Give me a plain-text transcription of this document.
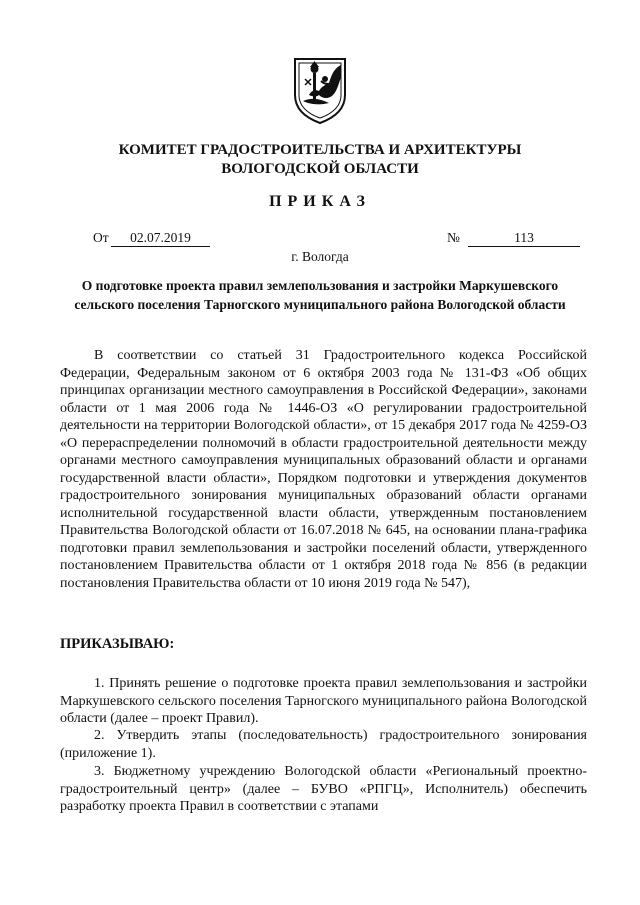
КОМИТЕТ ГРАДОСТРОИТЕЛЬСТВА И АРХИТЕКТУРЫ
ВОЛОГОДСКОЙ ОБЛАСТИ
ПРИКАЗ
От	02.07.2019	№	113
г. Вологда
О подготовке проекта правил землепользования и застройки Маркушевского сельского поселения Тарногского муниципального района Вологодской области

В соответствии со статьей 31 Градостроительного кодекса Российской Федерации, Федеральным законом от 6 октября 2003 года № 131-ФЗ «Об общих принципах организации местного самоуправления в Российской Федерации», законами области от 1 мая 2006 года № 1446-ОЗ «О регулировании градостроительной деятельности на территории Вологодской области», от 15 декабря 2017 года № 4259-ОЗ «О перераспределении полномочий в области градостроительной деятельности между органами местного самоуправления муниципальных образований области и органами государственной власти области», Порядком подготовки и утверждения документов градостроительного зонирования муниципальных образований области органами исполнительной государственной власти области, утвержденным постановлением Правительства Вологодской области от 16.07.2018 № 645, на основании плана-графика подготовки правил землепользования и застройки поселений области, утвержденного постановлением Правительства области от 1 октября 2018 года № 856 (в редакции постановления Правительства области от 10 июня 2019 года № 547),

ПРИКАЗЫВАЮ:

1. Принять решение о подготовке проекта правил землепользования и застройки Маркушевского сельского поселения Тарногского муниципального района Вологодской области (далее – проект Правил).

2. Утвердить этапы (последовательность) градостроительного зонирования (приложение 1).

3. Бюджетному учреждению Вологодской области «Региональный проектно-градостроительный центр» (далее – БУВО «РПГЦ», Исполнитель) обеспечить разработку проекта Правил в соответствии с этапами
